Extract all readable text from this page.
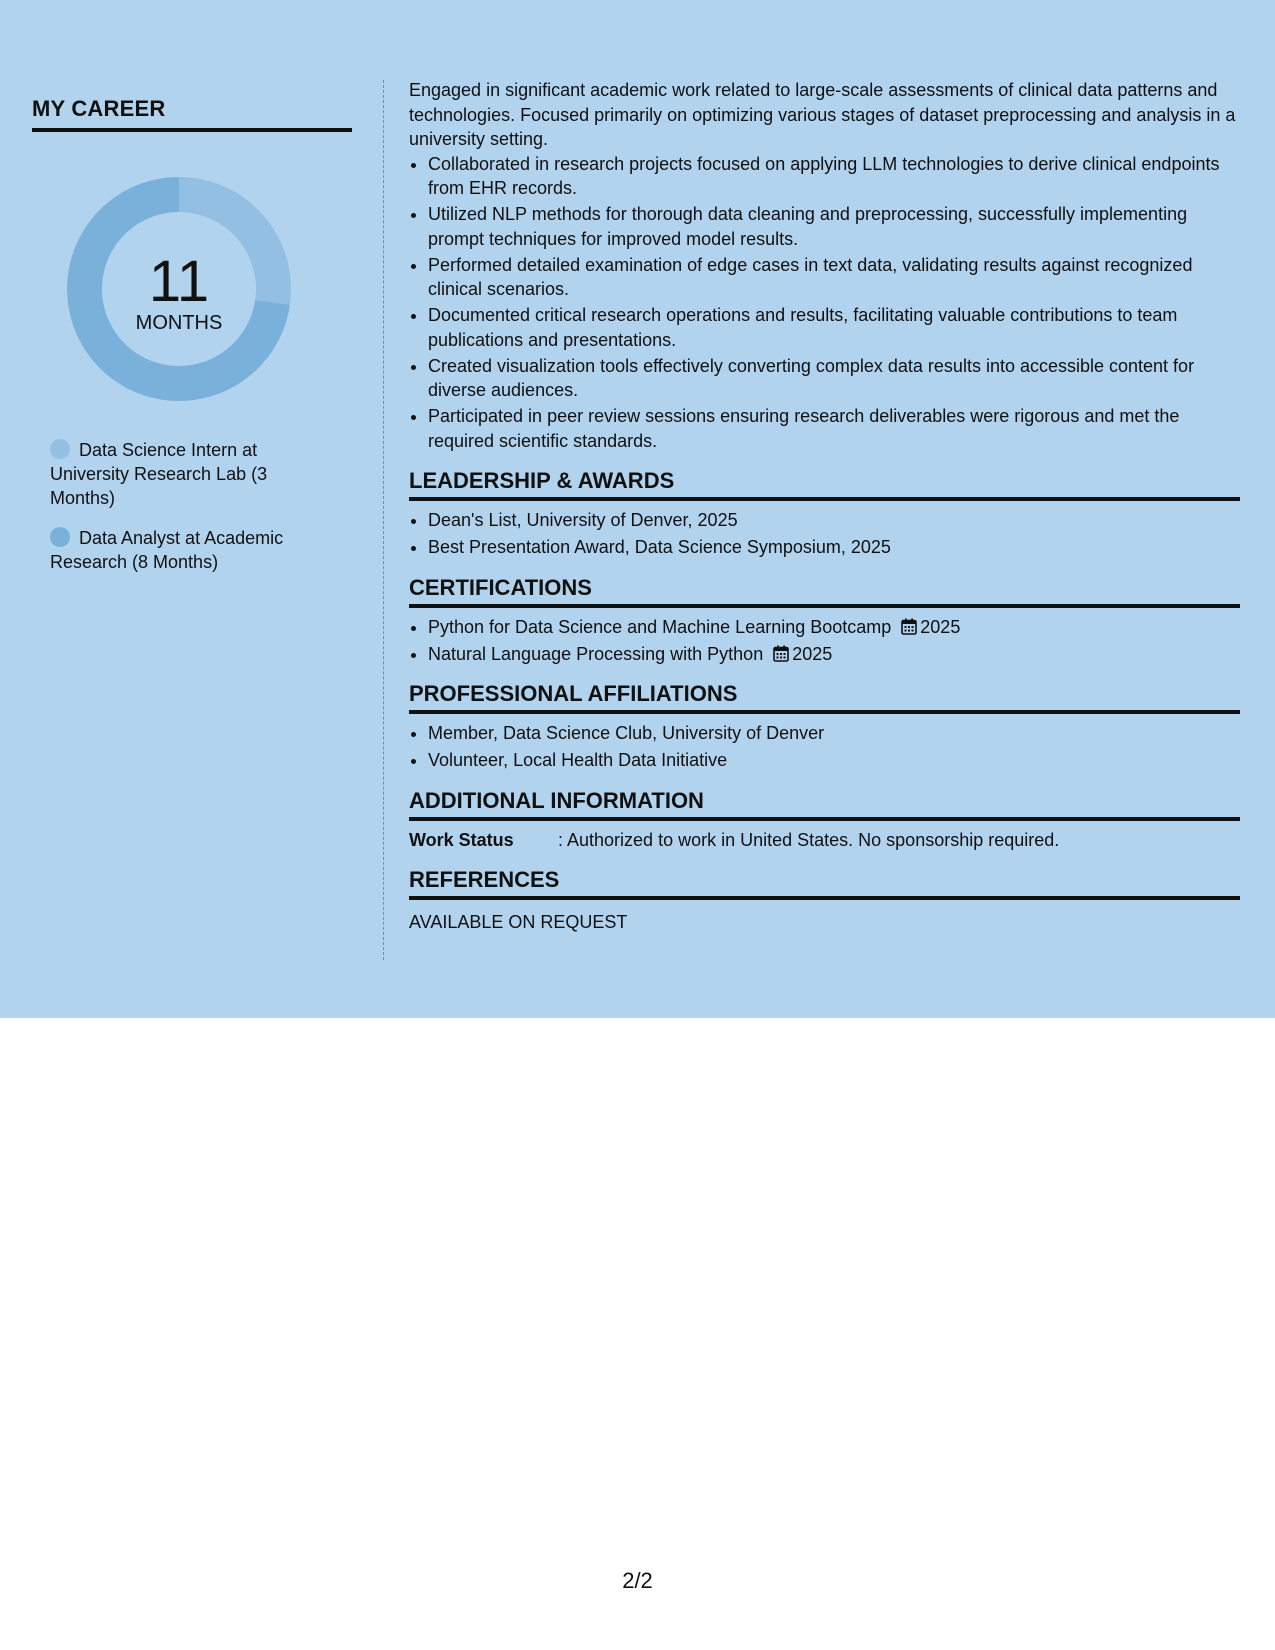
MY CAREER
11
MONTHS
Data Science Intern at University Research Lab (3 Months)
Data Analyst at Academic Research (8 Months)

Engaged in significant academic work related to large-scale assessments of clinical data patterns and technologies. Focused primarily on optimizing various stages of dataset preprocessing and analysis in a university setting.

• Collaborated in research projects focused on applying LLM technologies to derive clinical endpoints from EHR records.
• Utilized NLP methods for thorough data cleaning and preprocessing, successfully implementing prompt techniques for improved model results.
• Performed detailed examination of edge cases in text data, validating results against recognized clinical scenarios.
• Documented critical research operations and results, facilitating valuable contributions to team publications and presentations.
• Created visualization tools effectively converting complex data results into accessible content for diverse audiences.
• Participated in peer review sessions ensuring research deliverables were rigorous and met the required scientific standards.
LEADERSHIP & AWARDS
• Dean's List, University of Denver, 2025
• Best Presentation Award, Data Science Symposium, 2025
CERTIFICATIONS
• Python for Data Science and Machine Learning Bootcamp 2025
• Natural Language Processing with Python 2025
PROFESSIONAL AFFILIATIONS
• Member, Data Science Club, University of Denver
• Volunteer, Local Health Data Initiative
ADDITIONAL INFORMATION
Work Status	: Authorized to work in United States. No sponsorship required.
REFERENCES
AVAILABLE ON REQUEST
2/2
